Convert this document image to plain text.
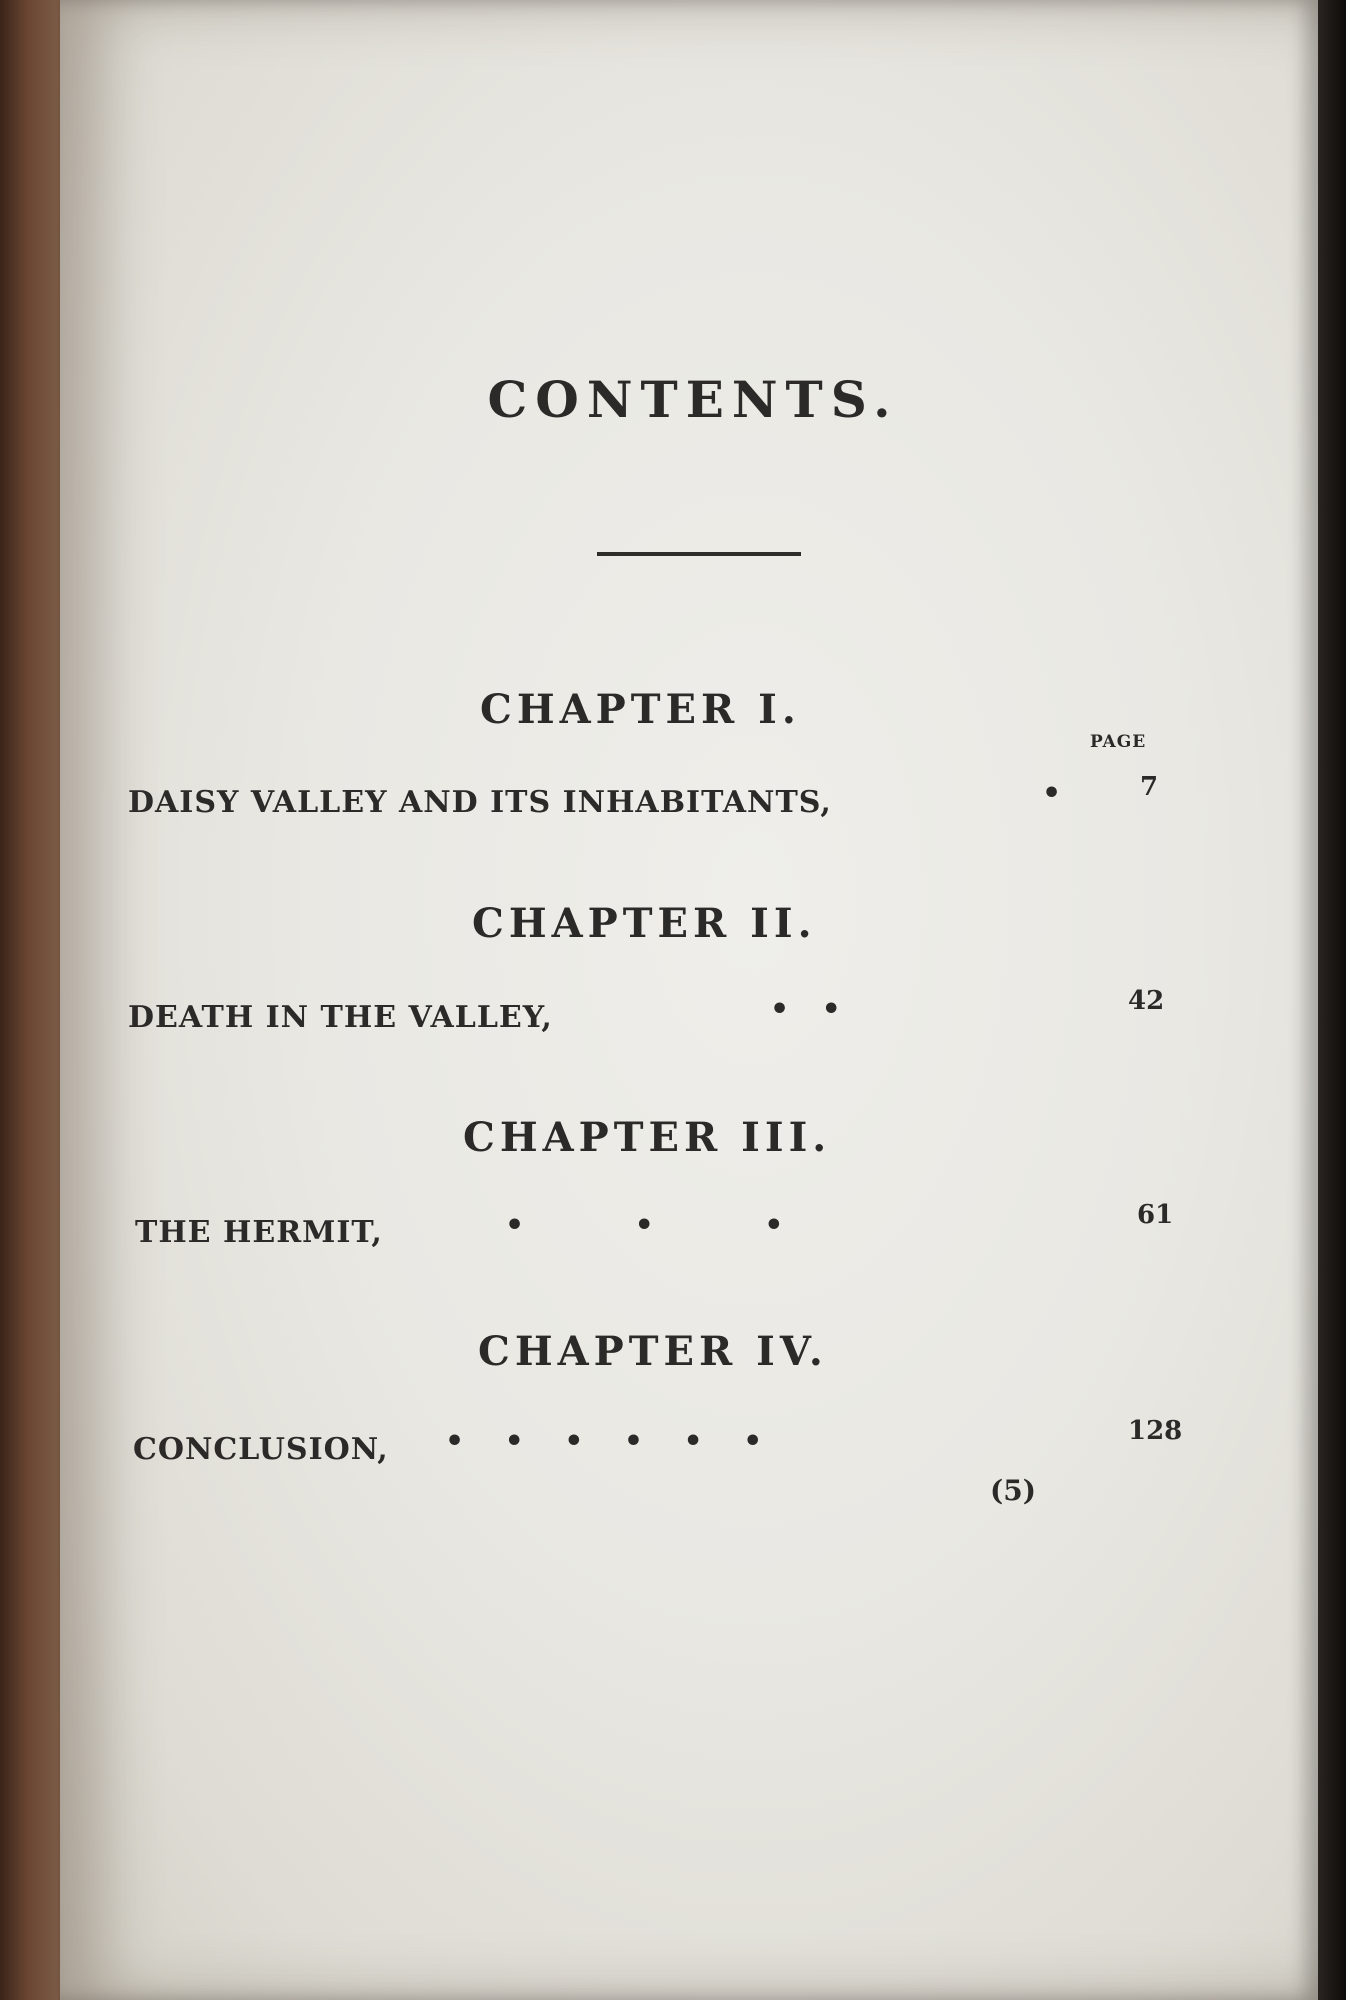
CONTENTS.
CHAPTER I.
PAGE
DAISY VALLEY AND ITS INHABITANTS,	•	7
CHAPTER II.
DEATH IN THE VALLEY,	• •	42
CHAPTER III.
THE HERMIT,	• • •	61
CHAPTER IV.
CONCLUSION, • • • • • •	128
(5)
